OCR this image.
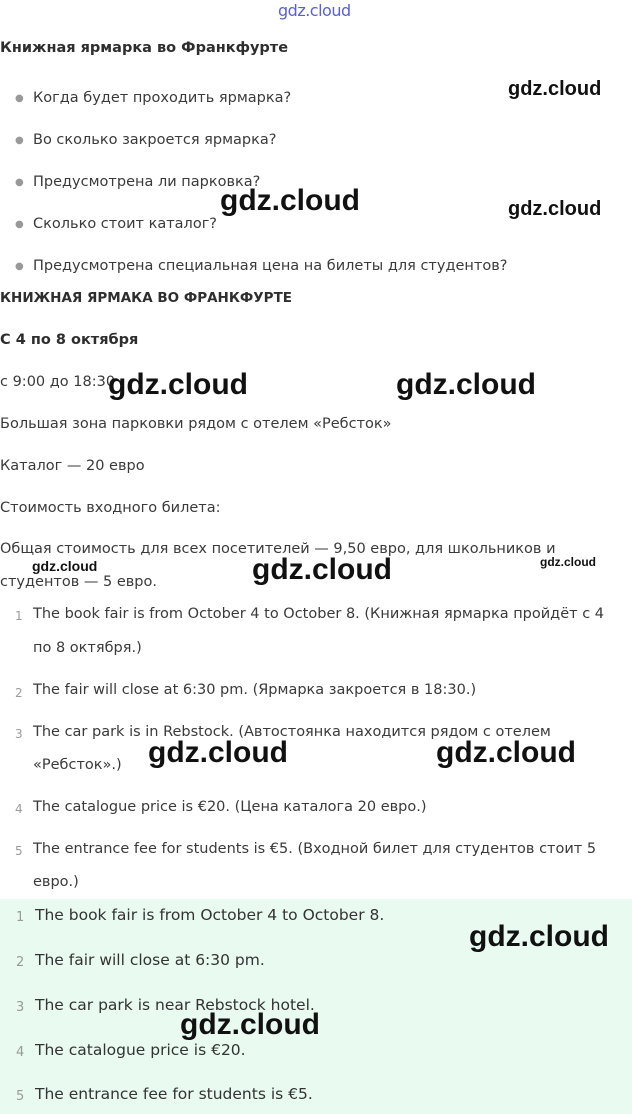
gdz.cloud
Книжная ярмарка во Франкфурте
● Когда будет проходить ярмарка?
● Во сколько закроется ярмарка?
● Предусмотрена ли парковка?
● Сколько стоит каталог?
● Предусмотрена специальная цена на билеты для студентов?
КНИЖНАЯ ЯРМАКА ВО ФРАНКФУРТЕ
С 4 по 8 октября
с 9:00 до 18:30
Большая зона парковки рядом с отелем «Ребсток»
Каталог — 20 евро
Стоимость входного билета:
Общая стоимость для всех посетителей — 9,50 евро, для школьников и
студентов — 5 евро.
1 The book fair is from October 4 to October 8. (Книжная ярмарка пройдёт с 4
по 8 октября.)
2 The fair will close at 6:30 pm. (Ярмарка закроется в 18:30.)
3 The car park is in Rebstock. (Автостоянка находится рядом с отелем
«Ребсток».)
4 The catalogue price is €20. (Цена каталога 20 евро.)
5 The entrance fee for students is €5. (Входной билет для студентов стоит 5
евро.)
1 The book fair is from October 4 to October 8.
2 The fair will close at 6:30 pm.
3 The car park is near Rebstock hotel.
4 The catalogue price is €20.
5 The entrance fee for students is €5.
gdz.cloud
gdz.cloud	gdz.cloud
gdz.cloud	gdz.cloud
gdz.cloud	gdz.cloud
gdz.cloud
gdz.cloud	gdz.cloud
gdz.cloud
gdz.cloud
